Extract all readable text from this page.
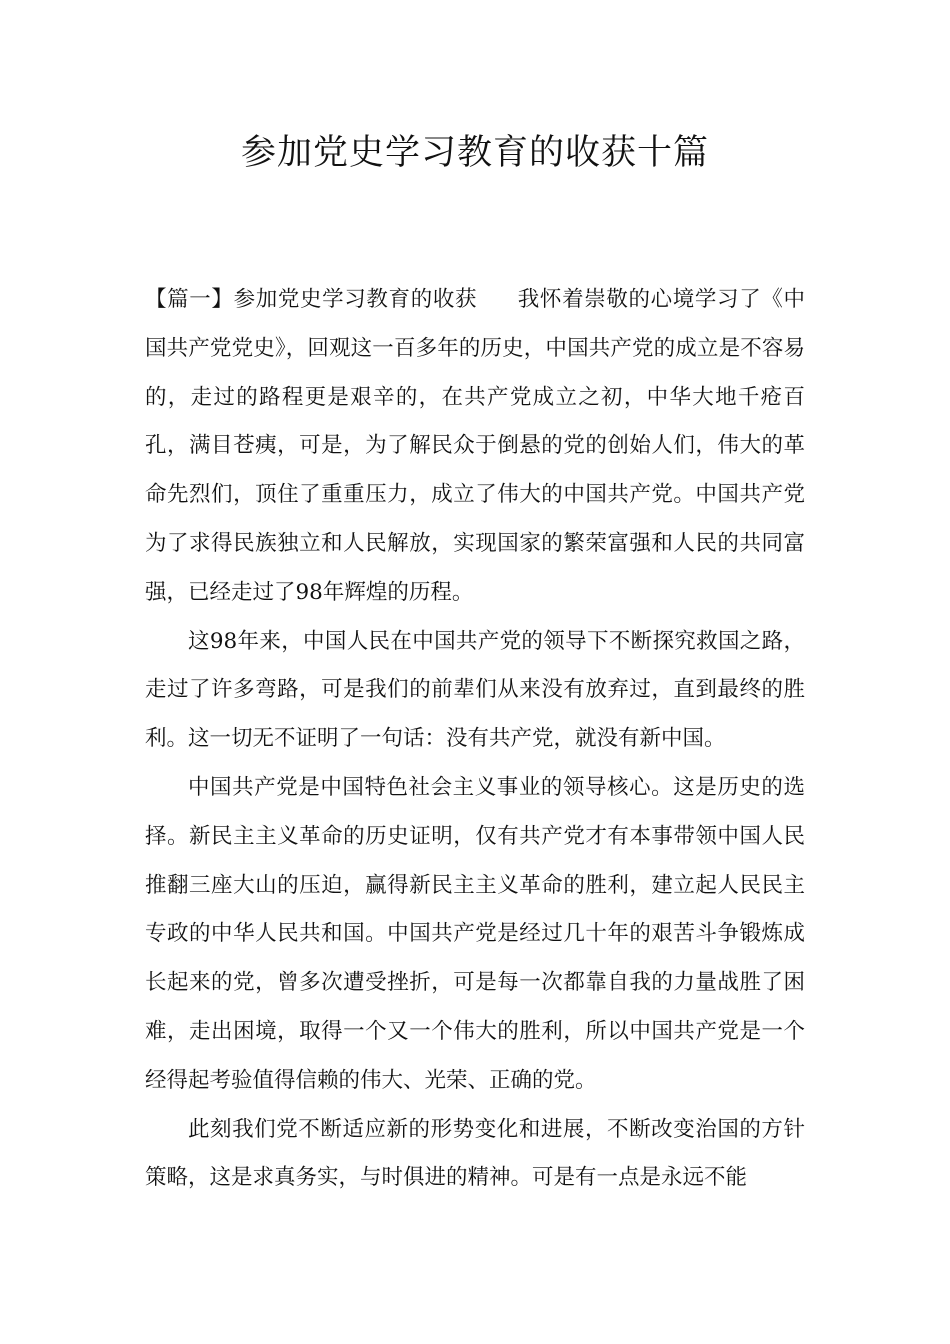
参加党史学习教育的收获十篇

【篇一】参加党史学习教育的收获 我怀着崇敬的心境学习了《中国共产党党史》，回观这一百多年的历史，中国共产党的成立是不容易的，走过的路程更是艰辛的，在共产党成立之初，中华大地千疮百孔，满目苍痍，可是，为了解民众于倒悬的党的创始人们，伟大的革命先烈们，顶住了重重压力，成立了伟大的中国共产党。中国共产党为了求得民族独立和人民解放，实现国家的繁荣富强和人民的共同富强，已经走过了98年辉煌的历程。

这98年来，中国人民在中国共产党的领导下不断探究救国之路，走过了许多弯路，可是我们的前辈们从来没有放弃过，直到最终的胜利。这一切无不证明了一句话：没有共产党，就没有新中国。

中国共产党是中国特色社会主义事业的领导核心。这是历史的选择。新民主主义革命的历史证明，仅有共产党才有本事带领中国人民推翻三座大山的压迫，赢得新民主主义革命的胜利，建立起人民民主专政的中华人民共和国。中国共产党是经过几十年的艰苦斗争锻炼成长起来的党，曾多次遭受挫折，可是每一次都靠自我的力量战胜了困难，走出困境，取得一个又一个伟大的胜利，所以中国共产党是一个经得起考验值得信赖的伟大、光荣、正确的党。

此刻我们党不断适应新的形势变化和进展，不断改变治国的方针策略，这是求真务实，与时俱进的精神。可是有一点是永远不能
